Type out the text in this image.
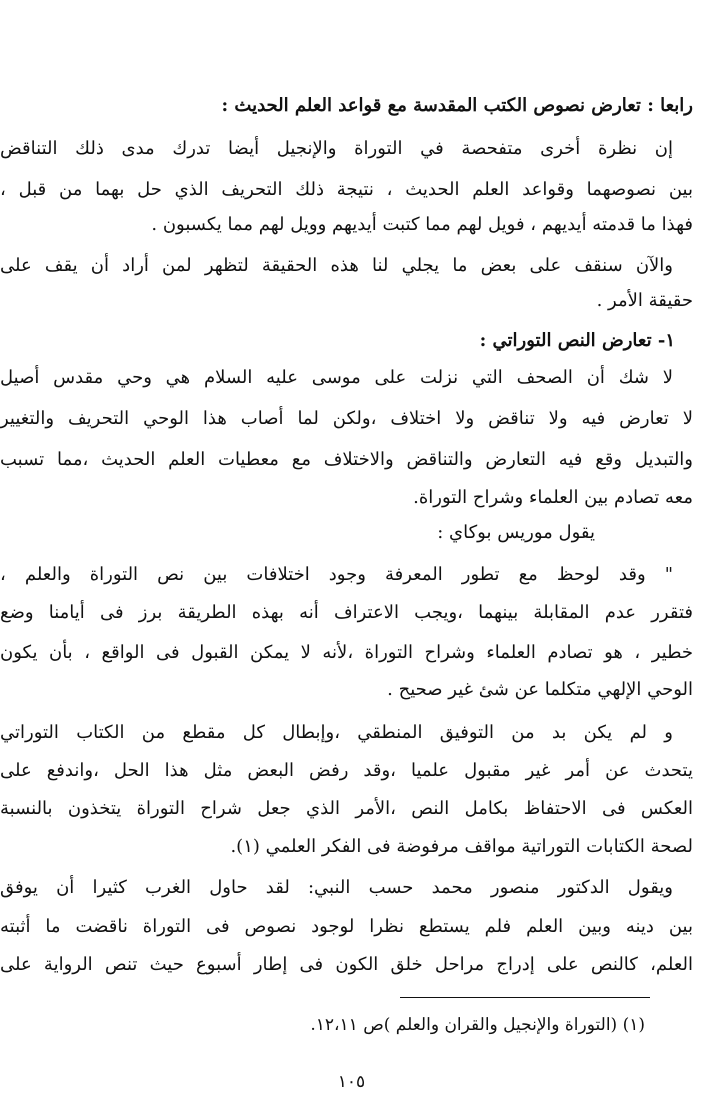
رابعا : تعارض نصوص الكتب المقدسة مع قواعد العلم الحديث :
إن نظرة أخرى متفحصة في التوراة والإنجيل أيضا تدرك مدى ذلك التناقض
بين نصوصهما وقواعد العلم الحديث ، نتيجة ذلك التحريف الذي حل بهما من قبل ،
فهذا ما قدمته أيديهم ، فويل لهم مما كتبت أيديهم وويل لهم مما يكسبون .
والآن سنقف على بعض ما يجلي لنا هذه الحقيقة لتظهر لمن أراد أن يقف على
حقيقة الأمر .
١- تعارض النص التوراتي :
لا شك أن الصحف التي نزلت على موسى عليه السلام هي وحي مقدس أصيل
لا تعارض فيه ولا تناقض ولا اختلاف ،ولكن لما أصاب هذا الوحي التحريف والتغيير
والتبديل وقع فيه التعارض والتناقض والاختلاف مع معطيات العلم الحديث ،مما تسبب
معه تصادم بين العلماء وشراح التوراة.
يقول موريس بوكاي :
" وقد لوحظ مع تطور المعرفة وجود اختلافات بين نص التوراة والعلم ،
فتقرر عدم المقابلة بينهما ،ويجب الاعتراف أنه بهذه الطريقة برز فى أيامنا وضع
خطير ، هو تصادم العلماء وشراح التوراة ،لأنه لا يمكن القبول فى الواقع ، بأن يكون
الوحي الإلهي متكلما عن شئ غير صحيح .
و لم يكن بد من التوفيق المنطقي ،وإبطال كل مقطع من الكتاب التوراتي
يتحدث عن أمر غير مقبول علميا ،وقد رفض البعض مثل هذا الحل ،واندفع على
العكس فى الاحتفاظ بكامل النص ،الأمر الذي جعل شراح التوراة يتخذون بالنسبة
لصحة الكتابات التوراتية مواقف مرفوضة فى الفكر العلمي (١).
ويقول الدكتور منصور محمد حسب النبي: لقد حاول الغرب كثيرا أن يوفق
بين دينه وبين العلم فلم يستطع نظرا لوجود نصوص فى التوراة ناقضت ما أثبته
العلم، كالنص على إدراج مراحل خلق الكون فى إطار أسبوع حيث تنص الرواية على
(١) (التوراة والإنجيل والقران والعلم )ص ١٢،١١.
١٠٥
